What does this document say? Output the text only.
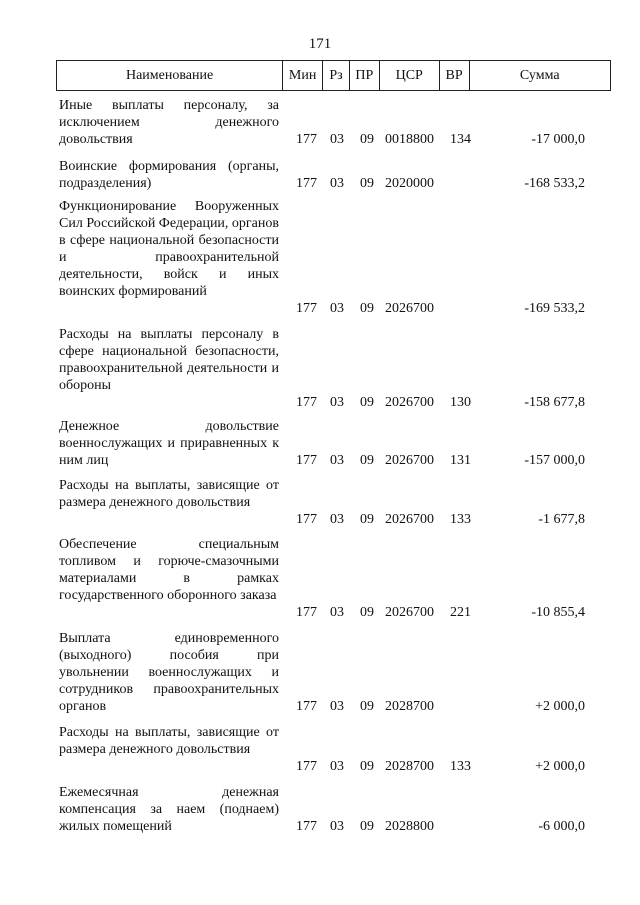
171
Наименование	Мин Рз ПР	ЦСР	ВР	Сумма
Иные выплаты персоналу, за исключением денежного довольствия	177 03 09 0018800 134	-17 000,0
Воинские формирования (органы, подразделения)	177 03 09 2020000	-168 533,2
Функционирование Вооруженных Сил Российской Федерации, органов в сфере национальной безопасности и правоохранительной деятельности, войск и иных воинских формирований
177 03 09 2026700	-169 533,2
Расходы на выплаты персоналу в сфере национальной безопасности, правоохранительной деятельности и обороны
177 03 09 2026700 130	-158 677,8
Денежное довольствие военнослужащих и приравненных к ним лиц	177 03 09 2026700 131	-157 000,0
Расходы на выплаты, зависящие от размера денежного довольствия
177 03 09 2026700 133	-1 677,8
Обеспечение специальным топливом и горюче-смазочными материалами в рамках государственного оборонного заказа
177 03 09 2026700 221	-10 855,4
Выплата единовременного (выходного) пособия при увольнении военнослужащих и сотрудников правоохранительных органов	177 03 09 2028700	+2 000,0
Расходы на выплаты, зависящие от размера денежного довольствия
177 03 09 2028700 133	+2 000,0
Ежемесячная денежная компенсация за наем (поднаем) жилых помещений	177 03 09 2028800	-6 000,0
